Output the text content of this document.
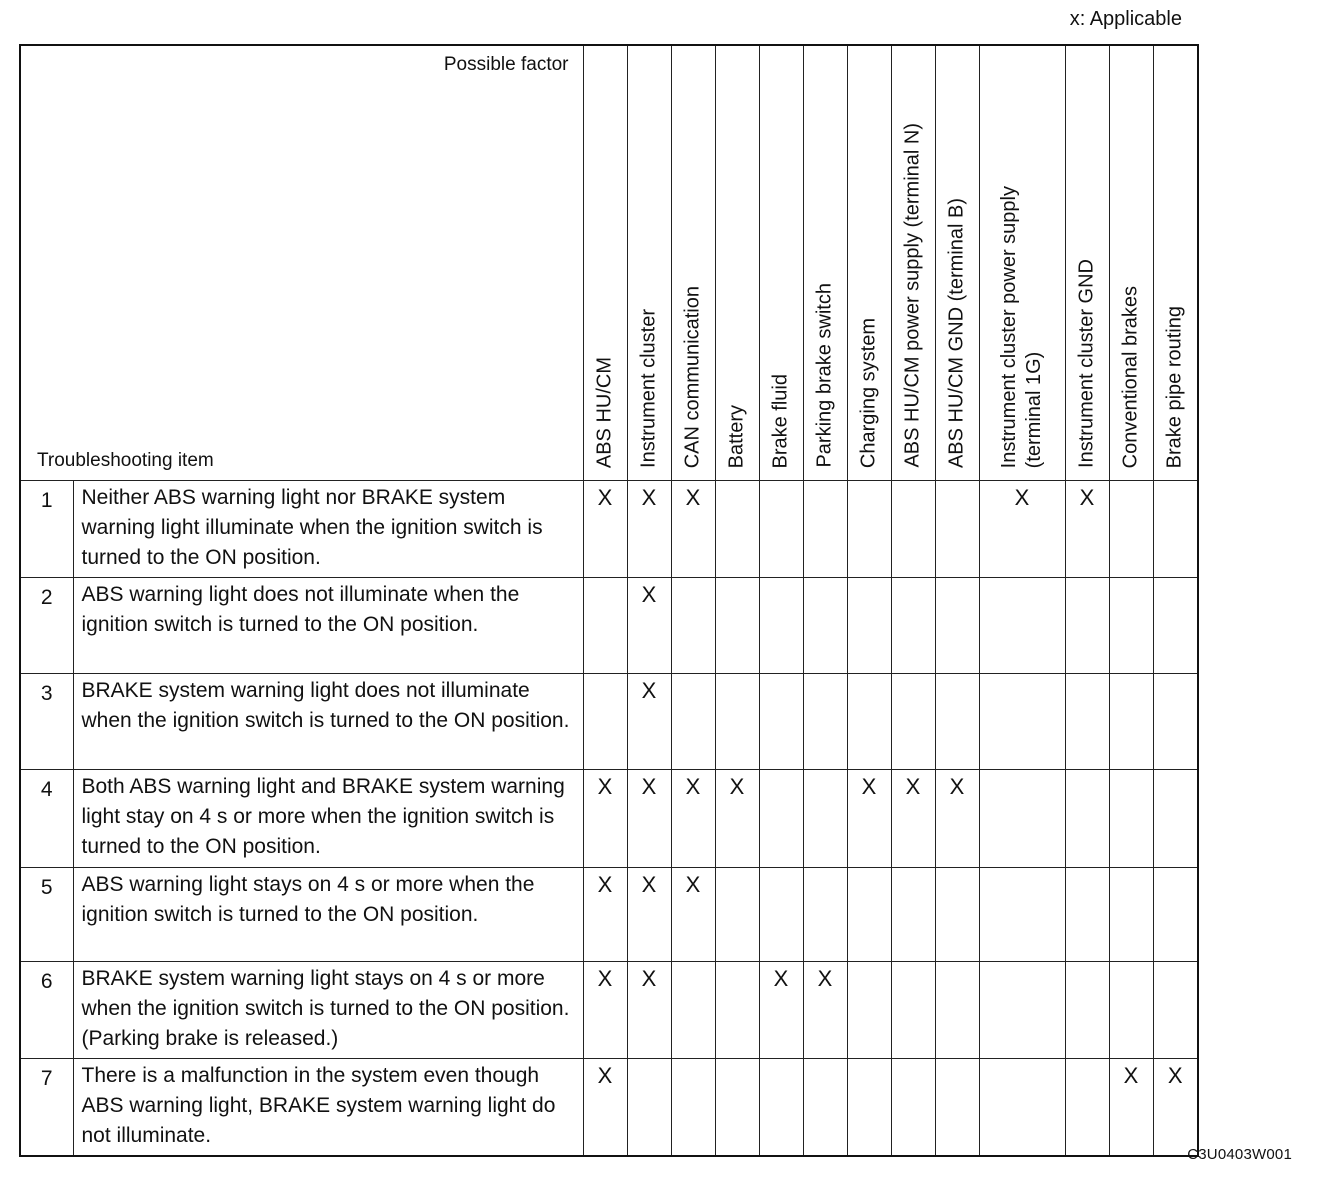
x: Applicable
Possible factor
Troubleshooting item		ABS HU/CM	Instrument cluster	CAN communication	Battery	Brake fluid	Parking brake switch	Charging system	ABS HU/CM power supply (terminal N)	ABS HU/CM GND (terminal B)	Instrument cluster power supply
(terminal 1G)	Instrument cluster GND	Conventional brakes	Brake pipe routing

1	Neither ABS warning light nor BRAKE system warning light illuminate when the ignition switch is turned to the ON position.	X	X	X							X	X		
2	ABS warning light does not illuminate when the ignition switch is turned to the ON position.		X											
3	BRAKE system warning light does not illuminate when the ignition switch is turned to the ON position.		X											
4	Both ABS warning light and BRAKE system warning light stay on 4 s or more when the ignition switch is turned to the ON position.	X	X	X	X			X	X	X				
5	ABS warning light stays on 4 s or more when the ignition switch is turned to the ON position.	X	X	X										
6	BRAKE system warning light stays on 4 s or more when the ignition switch is turned to the ON position. (Parking brake is released.)	X	X			X	X							
7	There is a malfunction in the system even though ABS warning light, BRAKE system warning light do not illuminate.	X											X	X
C3U0403W001
